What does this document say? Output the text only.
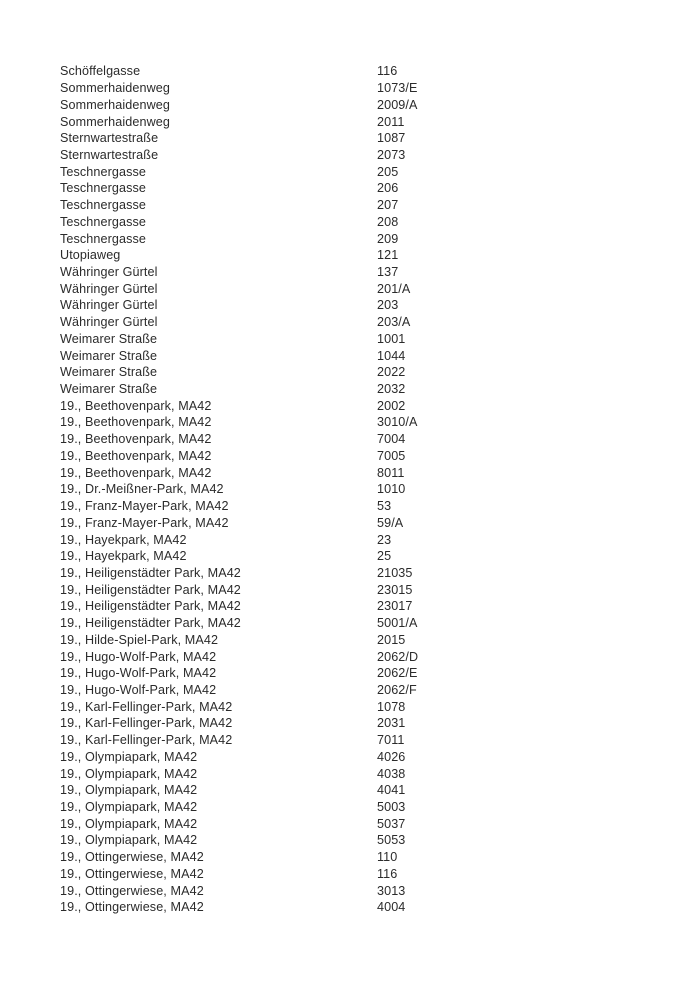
Schöffelgasse	116
Sommerhaidenweg	1073/E
Sommerhaidenweg	2009/A
Sommerhaidenweg	2011
Sternwartestraße	1087
Sternwartestraße	2073
Teschnergasse	205
Teschnergasse	206
Teschnergasse	207
Teschnergasse	208
Teschnergasse	209
Utopiaweg	121
Währinger Gürtel	137
Währinger Gürtel	201/A
Währinger Gürtel	203
Währinger Gürtel	203/A
Weimarer Straße	1001
Weimarer Straße	1044
Weimarer Straße	2022
Weimarer Straße	2032
19., Beethovenpark, MA42	2002
19., Beethovenpark, MA42	3010/A
19., Beethovenpark, MA42	7004
19., Beethovenpark, MA42	7005
19., Beethovenpark, MA42	8011
19., Dr.-Meißner-Park, MA42	1010
19., Franz-Mayer-Park, MA42	53
19., Franz-Mayer-Park, MA42	59/A
19., Hayekpark, MA42	23
19., Hayekpark, MA42	25
19., Heiligenstädter Park, MA42	21035
19., Heiligenstädter Park, MA42	23015
19., Heiligenstädter Park, MA42	23017
19., Heiligenstädter Park, MA42	5001/A
19., Hilde-Spiel-Park, MA42	2015
19., Hugo-Wolf-Park, MA42	2062/D
19., Hugo-Wolf-Park, MA42	2062/E
19., Hugo-Wolf-Park, MA42	2062/F
19., Karl-Fellinger-Park, MA42	1078
19., Karl-Fellinger-Park, MA42	2031
19., Karl-Fellinger-Park, MA42	7011
19., Olympiapark, MA42	4026
19., Olympiapark, MA42	4038
19., Olympiapark, MA42	4041
19., Olympiapark, MA42	5003
19., Olympiapark, MA42	5037
19., Olympiapark, MA42	5053
19., Ottingerwiese, MA42	110
19., Ottingerwiese, MA42	116
19., Ottingerwiese, MA42	3013
19., Ottingerwiese, MA42	4004
